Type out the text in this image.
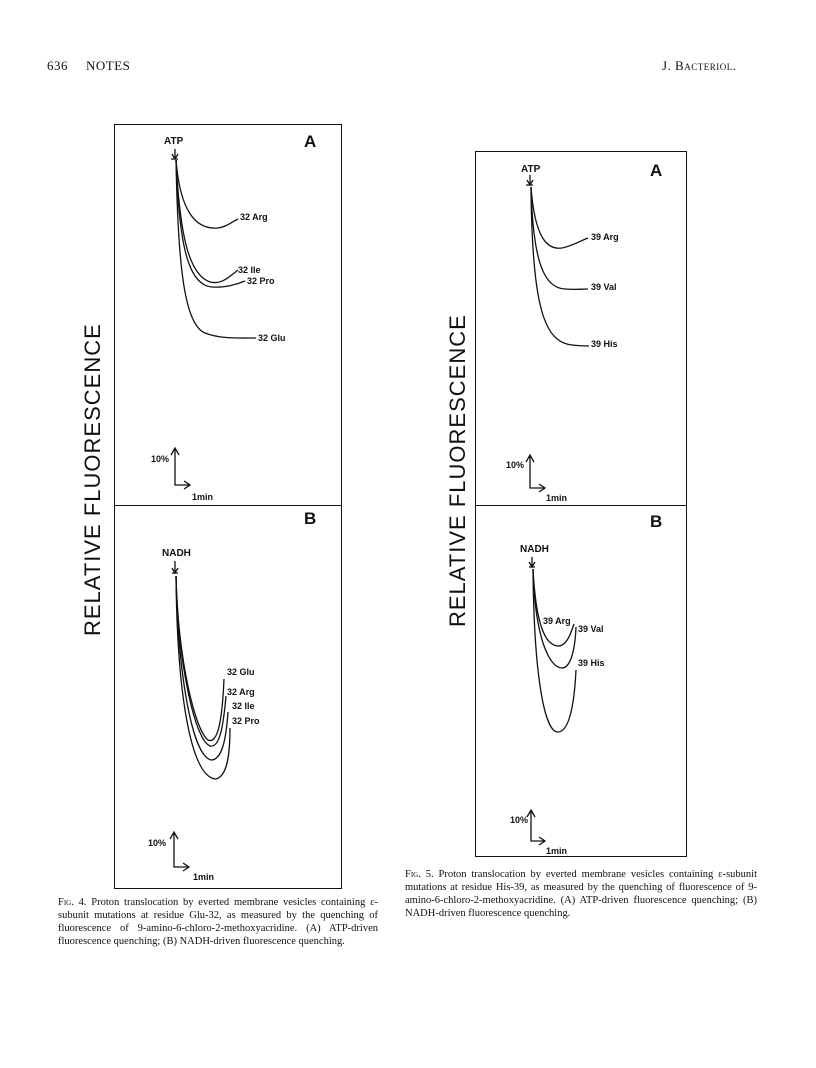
636 NOTES	J. Bacteriol.
RELATIVE FLUORESCENCE
A
ATP
32 Arg
32 Ile
32 Pro
32 Glu
10%
1min
B
NADH
32 Glu
32 Arg
32 Ile
32 Pro
10%
1min
Fig. 4. Proton translocation by everted membrane vesicles containing ε-subunit mutations at residue Glu-32, as measured by the quenching of fluorescence of 9-amino-6-chloro-2-methoxyacridine. (A) ATP-driven fluorescence quenching; (B) NADH-driven fluorescence quenching.
RELATIVE FLUORESCENCE
A
ATP
39 Arg
39 Val
39 His
10%
1min
B
NADH
39 Arg
39 Val
39 His
10%
1min
Fig. 5. Proton translocation by everted membrane vesicles containing ε-subunit mutations at residue His-39, as measured by the quenching of fluorescence of 9-amino-6-chloro-2-methoxyacridine. (A) ATP-driven fluorescence quenching; (B) NADH-driven fluorescence quenching.
